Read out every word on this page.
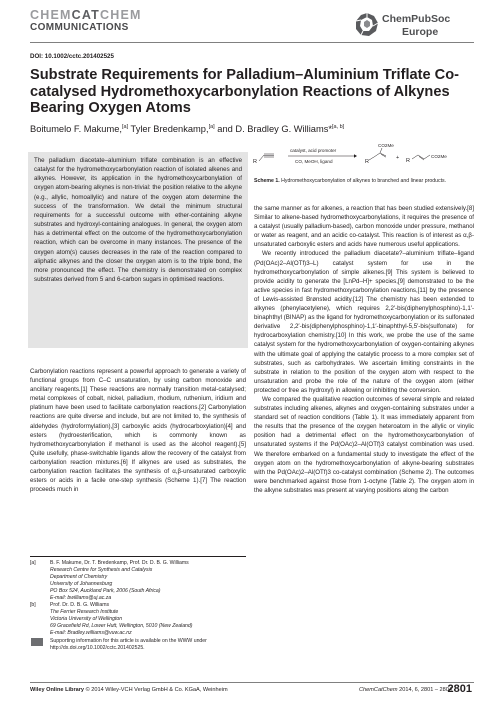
CHEMCATCHEM
COMMUNICATIONS
ChemPubSoc
Europe
DOI: 10.1002/cctc.201402525
Substrate Requirements for Palladium–Aluminium Triflate Co-catalysed Hydromethoxycarbonylation Reactions of Alkynes Bearing Oxygen Atoms
Boitumelo F. Makume,[a] Tyler Bredenkamp,[a] and D. Bradley G. Williams*[a, b]
The palladium diacetate–aluminium triflate combination is an effective catalyst for the hydromethoxycarbonylation reaction of isolated alkenes and alkynes. However, its application in the hydromethoxycarbonylation of oxygen atom-bearing alkynes is non-trivial: the position relative to the alkyne (e.g., allylic, homoallylic) and nature of the oxygen atom determine the success of the transformation. We detail the minimum structural requirements for a successful outcome with ether-containing alkyne substrates and hydroxyl-containing analogues. In general, the oxygen atom has a detrimental effect on the outcome of the hydromethoxycarbonylation reaction, which can be overcome in many instances. The presence of the oxygen atom(s) causes decreases in the rate of the reaction compared to aliphatic alkynes and the closer the oxygen atom is to the triple bond, the more pronounced the effect. The chemistry is demonstrated on complex substrates derived from 5 and 6-carbon sugars in optimised reactions.
R
catalyst, acid promoter
CO, MeOH, ligand
CO2Me
R
+ R
CO2Me
Scheme 1. Hydromethoxycarbonylation of alkynes to branched and linear products.

Carbonylation reactions represent a powerful approach to generate a variety of functional groups from C–C unsaturation, by using carbon monoxide and ancillary reagents.[1] These reactions are normally transition metal-catalysed; metal complexes of cobalt, nickel, palladium, rhodium, ruthenium, iridium and platinum have been used to facilitate carbonylation reactions.[2] Carbonylation reactions are quite diverse and include, but are not limited to, the synthesis of aldehydes (hydroformylation),[3] carboxylic acids (hydrocarboxylation)[4] and esters (hydroesterification, which is commonly known as hydromethoxycarbonylation if methanol is used as the alcohol reagent).[5] Quite usefully, phase-switchable ligands allow the recovery of the catalyst from carbonylation reaction mixtures.[6] If alkynes are used as substrates, the carbonylation reaction facilitates the synthesis of α,β-unsaturated carboxylic esters or acids in a facile one-step synthesis (Scheme 1).[7] The reaction proceeds much in

the same manner as for alkenes, a reaction that has been studied extensively.[8] Similar to alkene-based hydromethoxycarbonylations, it requires the presence of a catalyst (usually palladium-based), carbon monoxide under pressure, methanol or water as reagent, and an acidic co-catalyst. This reaction is of interest as α,β-unsaturated carboxylic esters and acids have numerous useful applications.

We recently introduced the palladium diacetate?–aluminium triflate–ligand (Pd(OAc)2–Al(OTf)3–L) catalyst system for use in the hydromethoxycarbonylation of simple alkenes.[9] This system is believed to provide acidity to generate the [LnPd–H]+ species,[9] demonstrated to be the active species in fast hydromethoxycarbonylation reactions,[11] by the presence of Lewis-assisted Brønsted acidity.[12] The chemistry has been extended to alkynes (phenylacetylene), which requires 2,2′-bis(diphenylphosphino)-1,1′-binaphthyl (BINAP) as the ligand for hydromethoxycarbonylation or its sulfonated derivative 2,2′-bis(diphenylphosphino)-1,1′-binaphthyl-5,5′-bis(sulfonate) for hydrocarboxylation chemistry.[10] In this work, we probe the use of the same catalyst system for the hydromethoxycarbonylation of oxygen-containing alkynes with the ultimate goal of applying the catalytic process to a more complex set of substrates, such as carbohydrates. We ascertain limiting constraints in the substrate in relation to the position of the oxygen atom with respect to the unsaturation and probe the role of the nature of the oxygen atom (either protected or free as hydroxyl) in allowing or inhibiting the conversion.

We compared the qualitative reaction outcomes of several simple and related substrates including alkenes, alkynes and oxygen-containing substrates under a standard set of reaction conditions (Table 1). It was immediately apparent from the results that the presence of the oxygen heteroatom in the allylic or vinylic position had a detrimental effect on the hydromethoxycarbonylation of unsaturated systems if the Pd(OAc)2–Al(OTf)3 catalyst combination was used. We therefore embarked on a fundamental study to investigate the effect of the oxygen atom on the hydromethoxycarbonylation of alkyne-bearing substrates with the Pd(OAc)2–Al(OTf)3 co-catalyst combination (Scheme 2). The outcomes were benchmarked against those from 1-octyne (Table 2). The oxygen atom in the alkyne substrates was present at varying positions along the carbon

[a]	B. F. Makume, Dr. T. Bredenkamp, Prof. Dr. D. B. G. Williams
Research Centre for Synthesis and Catalysis
Department of Chemistry
University of Johannesburg
PO Box 524, Auckland Park, 2006 (South Africa)
E-mail: bwilliams@uj.ac.za
[b]	Prof. Dr. D. B. G. Williams
The Ferrier Research Institute
Victoria University of Wellington
69 Gracefield Rd, Lower Hutt, Wellington, 5010 (New Zealand)
E-mail: Bradley.williams@vuw.ac.nz
Supporting information for this article is available on the WWW under http://dx.doi.org/10.1002/cctc.201402525.
Wiley Online Library © 2014 Wiley-VCH Verlag GmbH & Co. KGaA, Weinheim	ChemCatChem 2014, 6, 2801 – 2804
2801
